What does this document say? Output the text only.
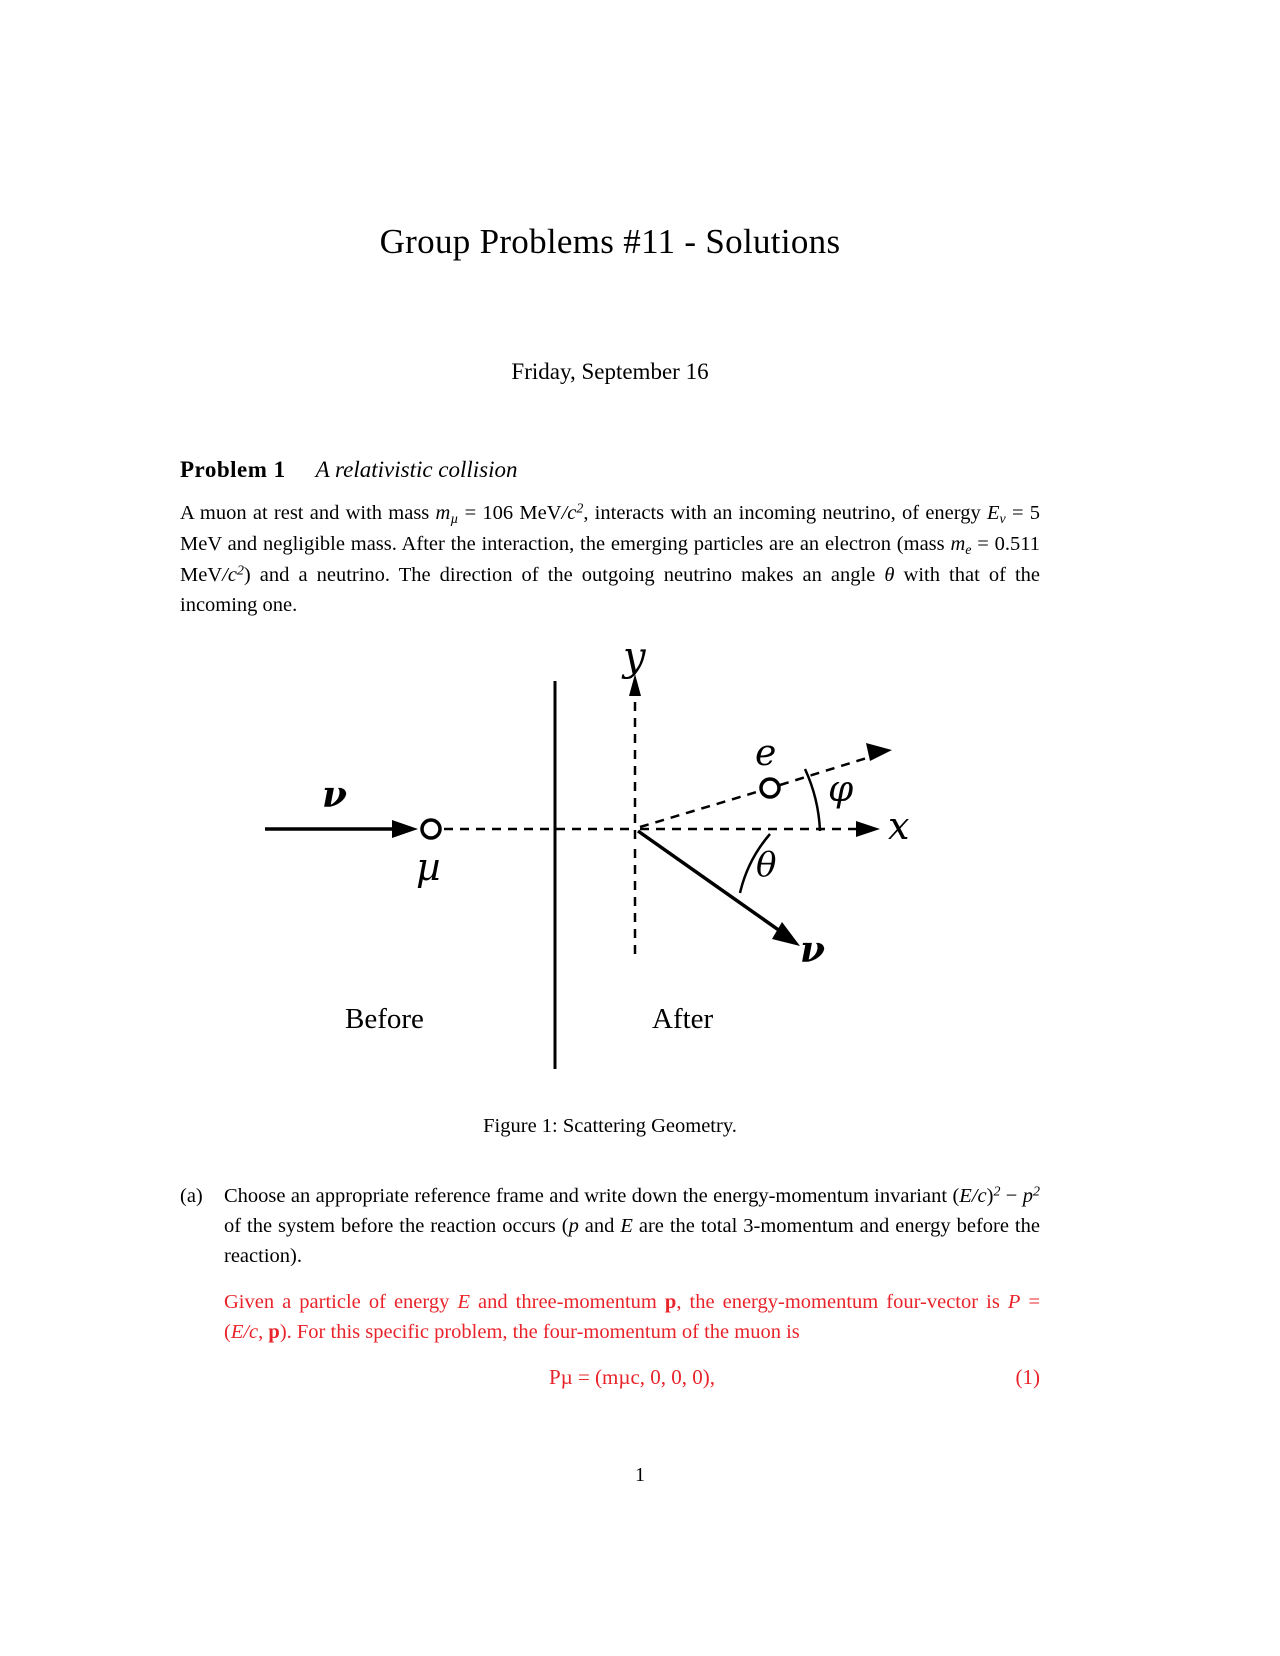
Group Problems #11 - Solutions
Friday, September 16
Problem 1 A relativistic collision
A muon at rest and with mass $m_\mu = 106$ MeV/$c^2$, interacts with an incoming neutrino, of energy $E_\nu = 5$ MeV and negligible mass. After the interaction, the emerging particles are an electron (mass $m_e = 0.511$ MeV/$c^2$) and a neutrino. The direction of the outgoing neutrino makes an angle θ with that of the incoming one.
y
x
ν
µ
e
φ
θ
ν
Before	After
Figure 1: Scattering Geometry.
(a)	Choose an appropriate reference frame and write down the energy-momentum invariant $(E/c)^2 - p^2$ of the system before the reaction occurs (p and E are the total 3-momentum and energy before the reaction).
Given a particle of energy E and three-momentum p, the energy-momentum four-vector is P = (E/c, p). For this specific problem, the four-momentum of the muon is
Pµ = (mµc, 0, 0, 0),	(1)
1
